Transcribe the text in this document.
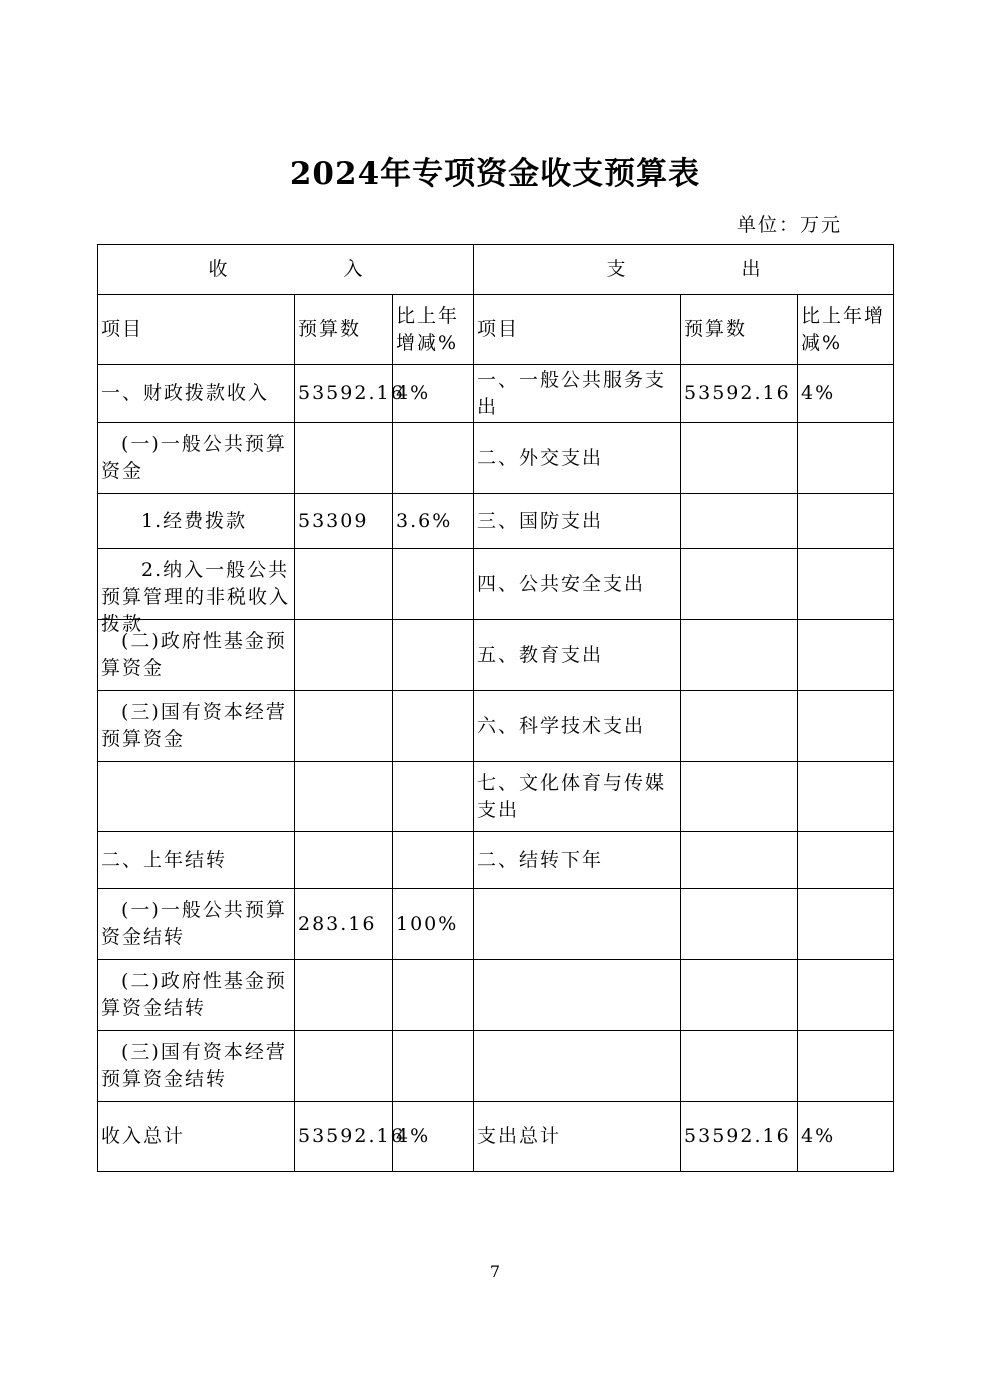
2024年专项资金收支预算表
单位：万元
收 入			支 出		
项目	预算数	比上年增减%	项目	预算数	比上年增减%
一、财政拨款收入	53592.16	4%	一、一般公共服务支出	53592.16	4%
(一)一般公共预算资金			二、外交支出		
1.经费拨款	53309	3.6%	三、国防支出		

2.纳入一般公共预算管理的非税收入拨款			四、公共安全支出		
(二)政府性基金预算资金			五、教育支出		
(三)国有资本经营预算资金			六、科学技术支出		
			七、文化体育与传媒支出		
二、上年结转			二、结转下年		
(一)一般公共预算资金结转	283.16	100%			
(二)政府性基金预算资金结转					
(三)国有资本经营预算资金结转					
收入总计	53592.16	4%	支出总计	53592.16	4%
7
